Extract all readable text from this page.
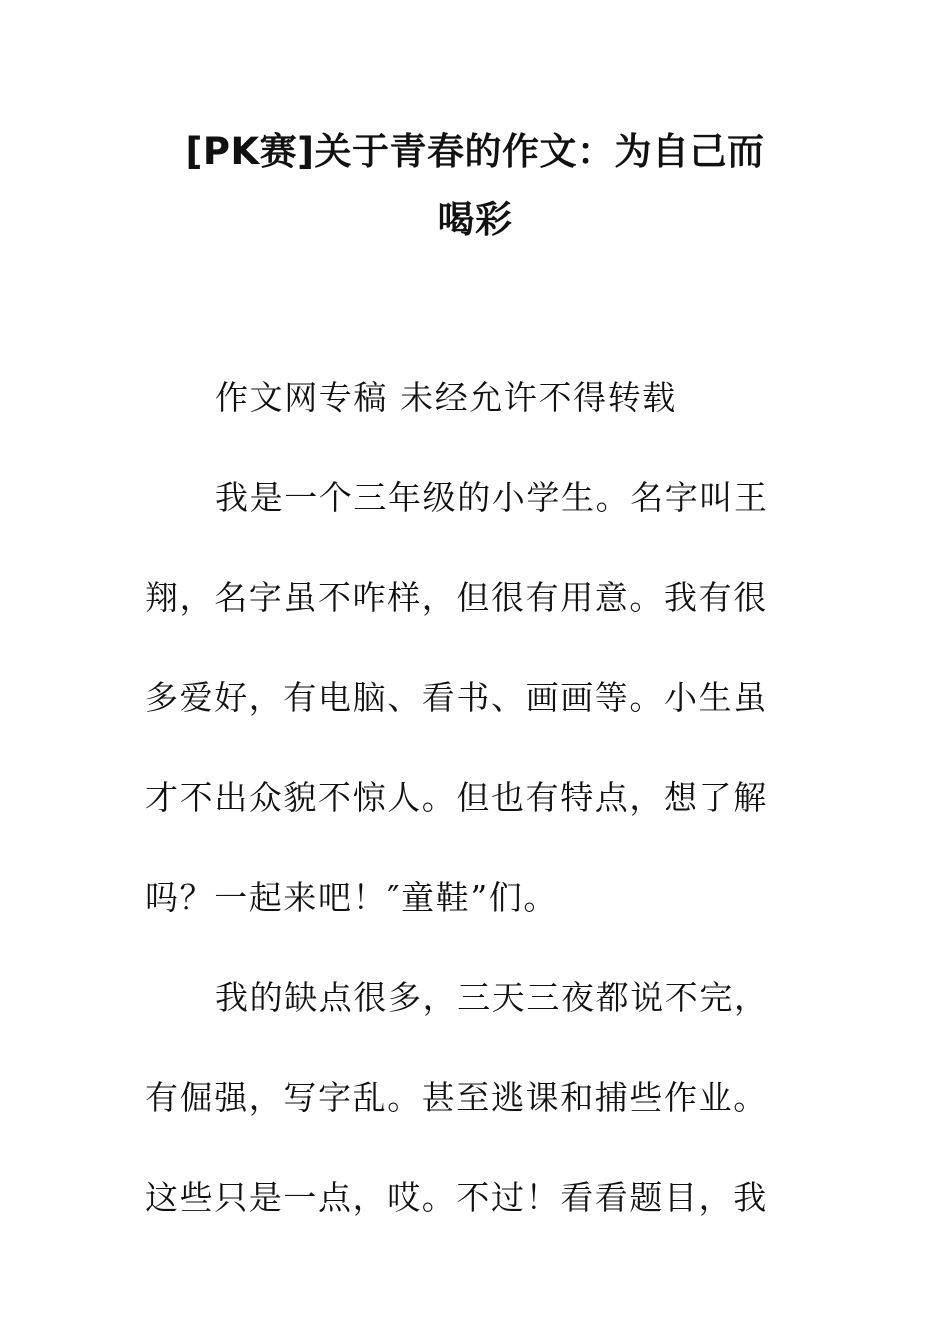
[PK赛]关于青春的作文：为自己而
喝彩
作文网专稿 未经允许不得转载
我是一个三年级的小学生。名字叫王
翔，名字虽不咋样，但很有用意。我有很
多爱好，有电脑、看书、画画等。小生虽
才不出众貌不惊人。但也有特点，想了解
吗？一起来吧！″童鞋”们。
我的缺点很多，三天三夜都说不完，
有倔强，写字乱。甚至逃课和捕些作业。
这些只是一点，哎。不过！看看题目，我
